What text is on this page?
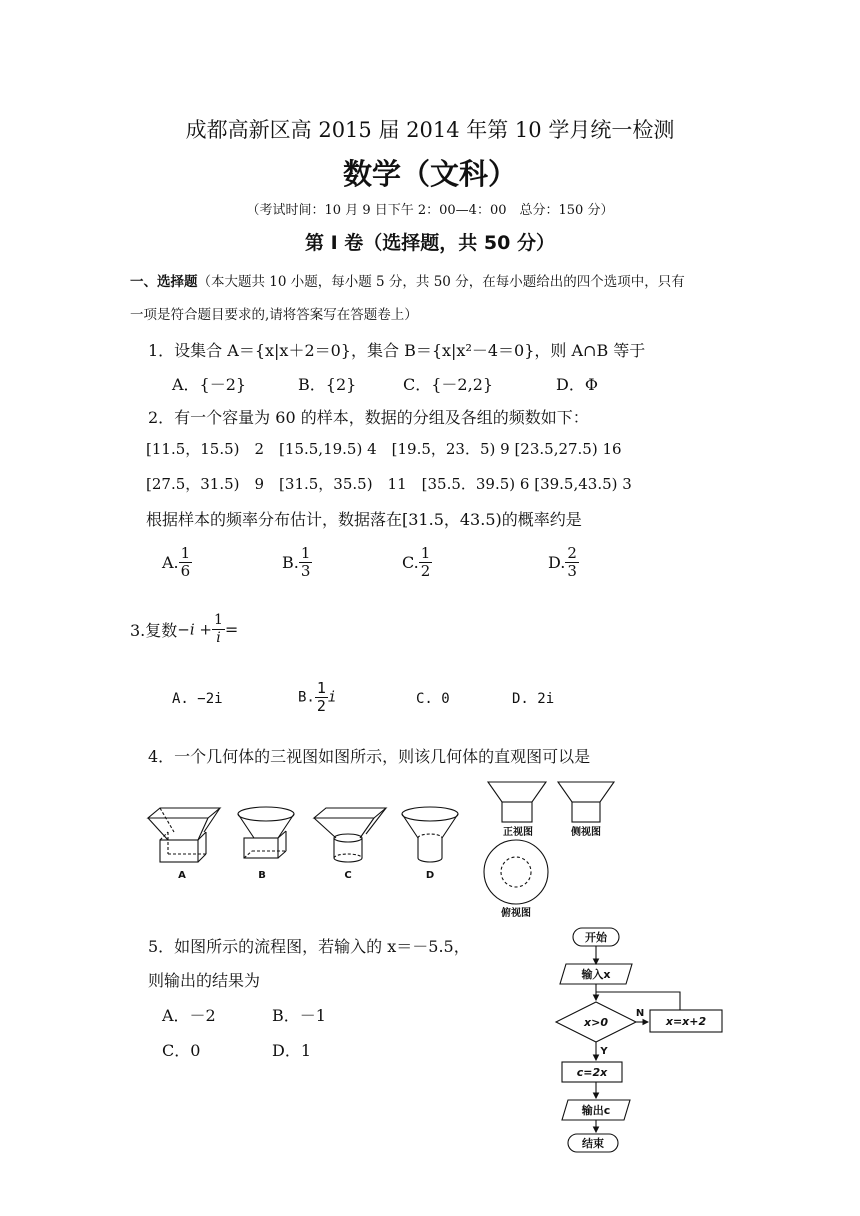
成都高新区高 2015 届 2014 年第 10 学月统一检测
数学（文科）
（考试时间：10 月 9 日下午 2：00—4：00　总分：150 分）
第 I 卷（选择题，共 50 分）
一、选择题（本大题共 10 小题，每小题 5 分，共 50 分，在每小题给出的四个选项中，只有
一项是符合题目要求的,请将答案写在答题卷上）
1．设集合 A＝{x|x＋2＝0}，集合 B＝{x|x²－4＝0}，则 A∩B 等于
A．{－2}	B．{2}	C．{－2,2}	D．Φ
2．有一个容量为 60 的样本，数据的分组及各组的频数如下：
[11.5，15.5)　2　[15.5,19.5) 4　[19.5，23．5) 9 [23.5,27.5) 16
[27.5，31.5)　9　[31.5，35.5)　11　[35.5．39.5) 6 [39.5,43.5) 3
根据样本的频率分布估计，数据落在[31.5，43.5)的概率约是
A. $\frac{1}{6}$	B. $\frac{1}{3}$	C. $\frac{1}{2}$	D. $\frac{2}{3}$
3.复数$-i + \frac{1}{i}$ =
A. −2i	B. $\frac{1}{2}$ i	C. 0	D. 2i
4．一个几何体的三视图如图所示，则该几何体的直观图可以是
A	B	C	D
正视图	侧视图
俯视图
5．如图所示的流程图，若输入的 x＝－5.5，
则输出的结果为
A．－2	B．－1
C．0	D．1
开始
输入x
x>0
N
x=x+2
Y
c=2x
输出c
结束
